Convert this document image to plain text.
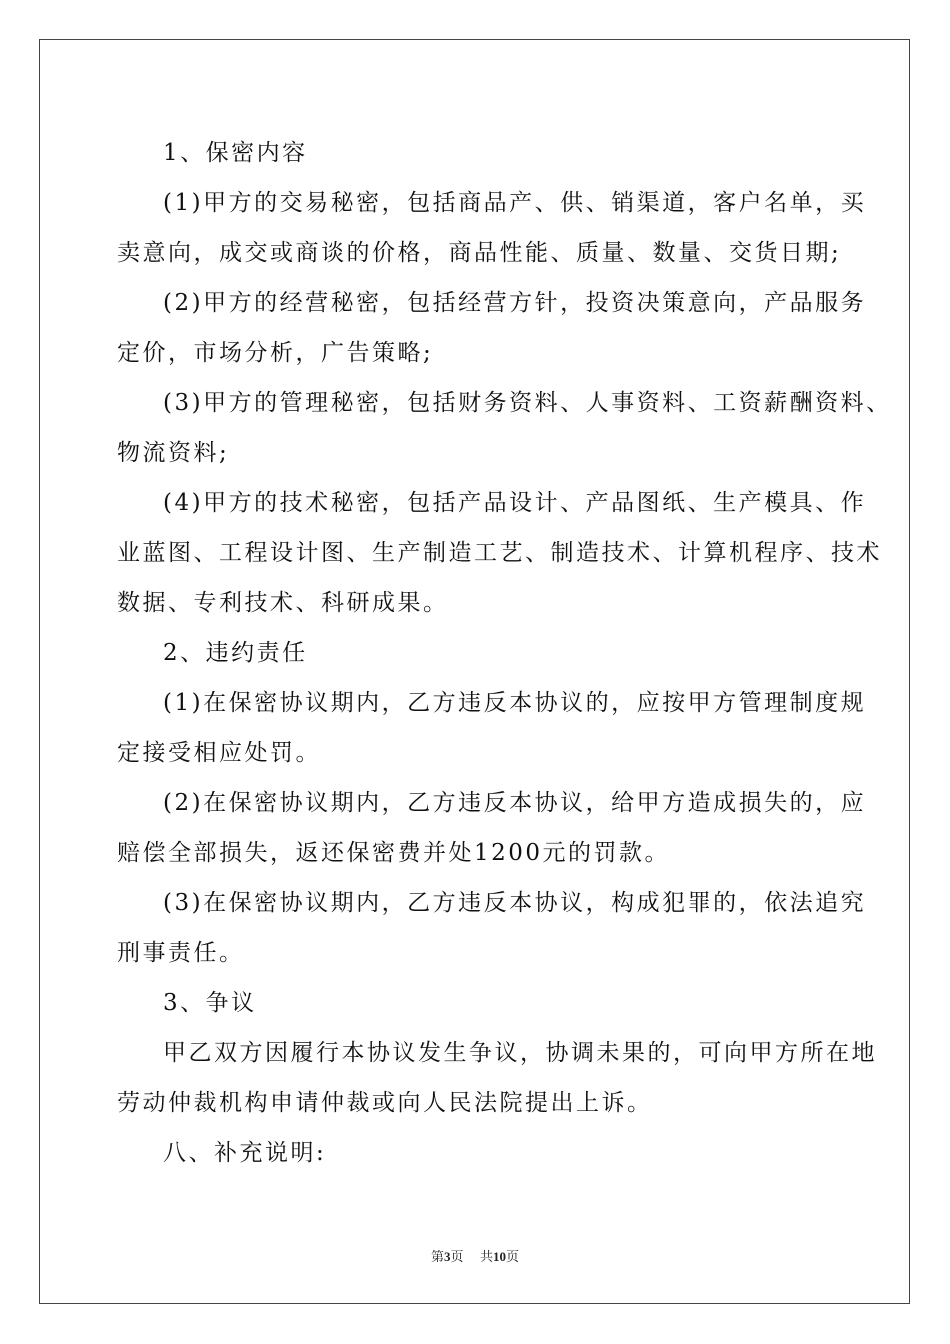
1、保密内容

(1)甲方的交易秘密，包括商品产、供、销渠道，客户名单，买

卖意向，成交或商谈的价格，商品性能、质量、数量、交货日期;

(2)甲方的经营秘密，包括经营方针，投资决策意向，产品服务

定价，市场分析，广告策略;

(3)甲方的管理秘密，包括财务资料、人事资料、工资薪酬资料、

物流资料;

(4)甲方的技术秘密，包括产品设计、产品图纸、生产模具、作

业蓝图、工程设计图、生产制造工艺、制造技术、计算机程序、技术

数据、专利技术、科研成果。

2、违约责任

(1)在保密协议期内，乙方违反本协议的，应按甲方管理制度规

定接受相应处罚。

(2)在保密协议期内，乙方违反本协议，给甲方造成损失的，应

赔偿全部损失，返还保密费并处1200元的罚款。

(3)在保密协议期内，乙方违反本协议，构成犯罪的，依法追究

刑事责任。

3、争议

甲乙双方因履行本协议发生争议，协调未果的，可向甲方所在地

劳动仲裁机构申请仲裁或向人民法院提出上诉。

八、补充说明:

第3页 共10页
